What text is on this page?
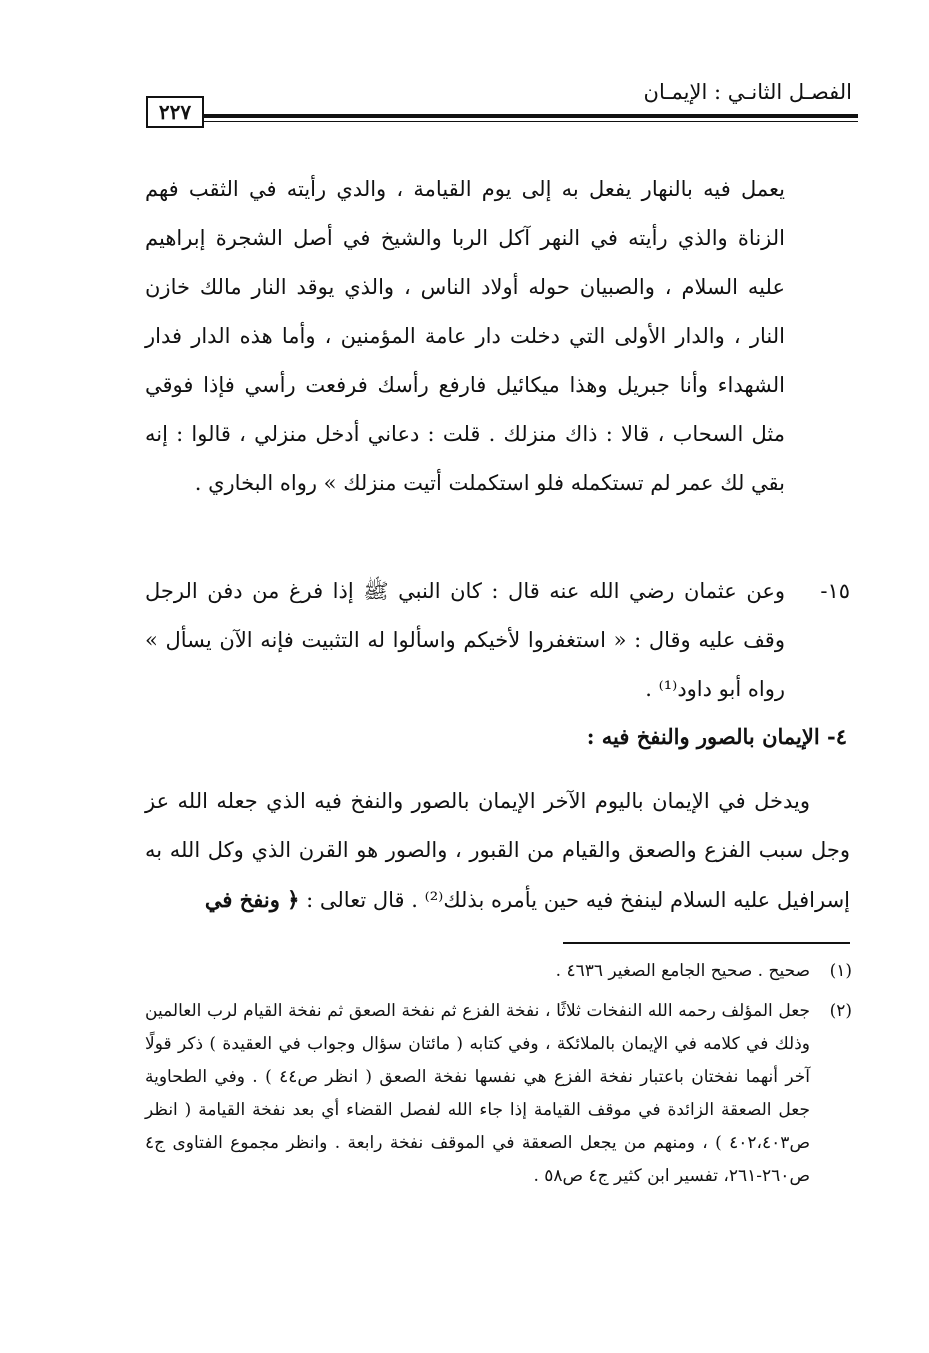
الفصـل الثانـي : الإيمـان
٢٢٧

يعمل فيه بالنهار يفعل به إلى يوم القيامة ، والدي رأيته في الثقب فهم الزناة والذي رأيته في النهر آكل الربا والشيخ في أصل الشجرة إبراهيم عليه السلام ، والصبيان حوله أولاد الناس ، والذي يوقد النار مالك خازن النار ، والدار الأولى التي دخلت دار عامة المؤمنين ، وأما هذه الدار فدار الشهداء وأنا جبريل وهذا ميكائيل فارفع رأسك فرفعت رأسي فإذا فوقي مثل السحاب ، قالا : ذاك منزلك . قلت : دعاني أدخل منزلي ، قالوا : إنه بقي لك عمر لم تستكمله فلو استكملت أتيت منزلك » رواه البخاري .

١٥-

وعن عثمان رضي الله عنه قال : كان النبي ﷺ إذا فرغ من دفن الرجل وقف عليه وقال : « استغفروا لأخيكم واسألوا له التثبيت فإنه الآن يسأل » رواه أبو داود⁽¹⁾ .

٤- الإيمان بالصور والنفخ فيه :

ويدخل في الإيمان باليوم الآخر الإيمان بالصور والنفخ فيه الذي جعله الله عز وجل سبب الفزع والصعق والقيام من القبور ، والصور هو القرن الذي وكل الله به إسرافيل عليه السلام لينفخ فيه حين يأمره بذلك⁽²⁾ . قال تعالى : ﴿ ونفخ في

(١)

صحيح . صحيح الجامع الصغير ٤٦٣٦ .

(٢)

جعل المؤلف رحمه الله النفخات ثلاثًا ، نفخة الفزع ثم نفخة الصعق ثم نفخة القيام لرب العالمين وذلك في كلامه في الإيمان بالملائكة ، وفي كتابه ( مائتان سؤال وجواب في العقيدة ) ذكر قولًا آخر أنهما نفختان باعتبار نفخة الفزع هي نفسها نفخة الصعق ( انظر ص٤٤ ) . وفي الطحاوية جعل الصعقة الزائدة في موقف القيامة إذا جاء الله لفصل القضاء أي بعد نفخة القيامة ( انظر ص٤٠٢،٤٠٣ ) ، ومنهم من يجعل الصعقة في الموقف نفخة رابعة . وانظر مجموع الفتاوى ج٤ ص٢٦٠-٢٦١، تفسير ابن كثير ج٤ ص٥٨ .
